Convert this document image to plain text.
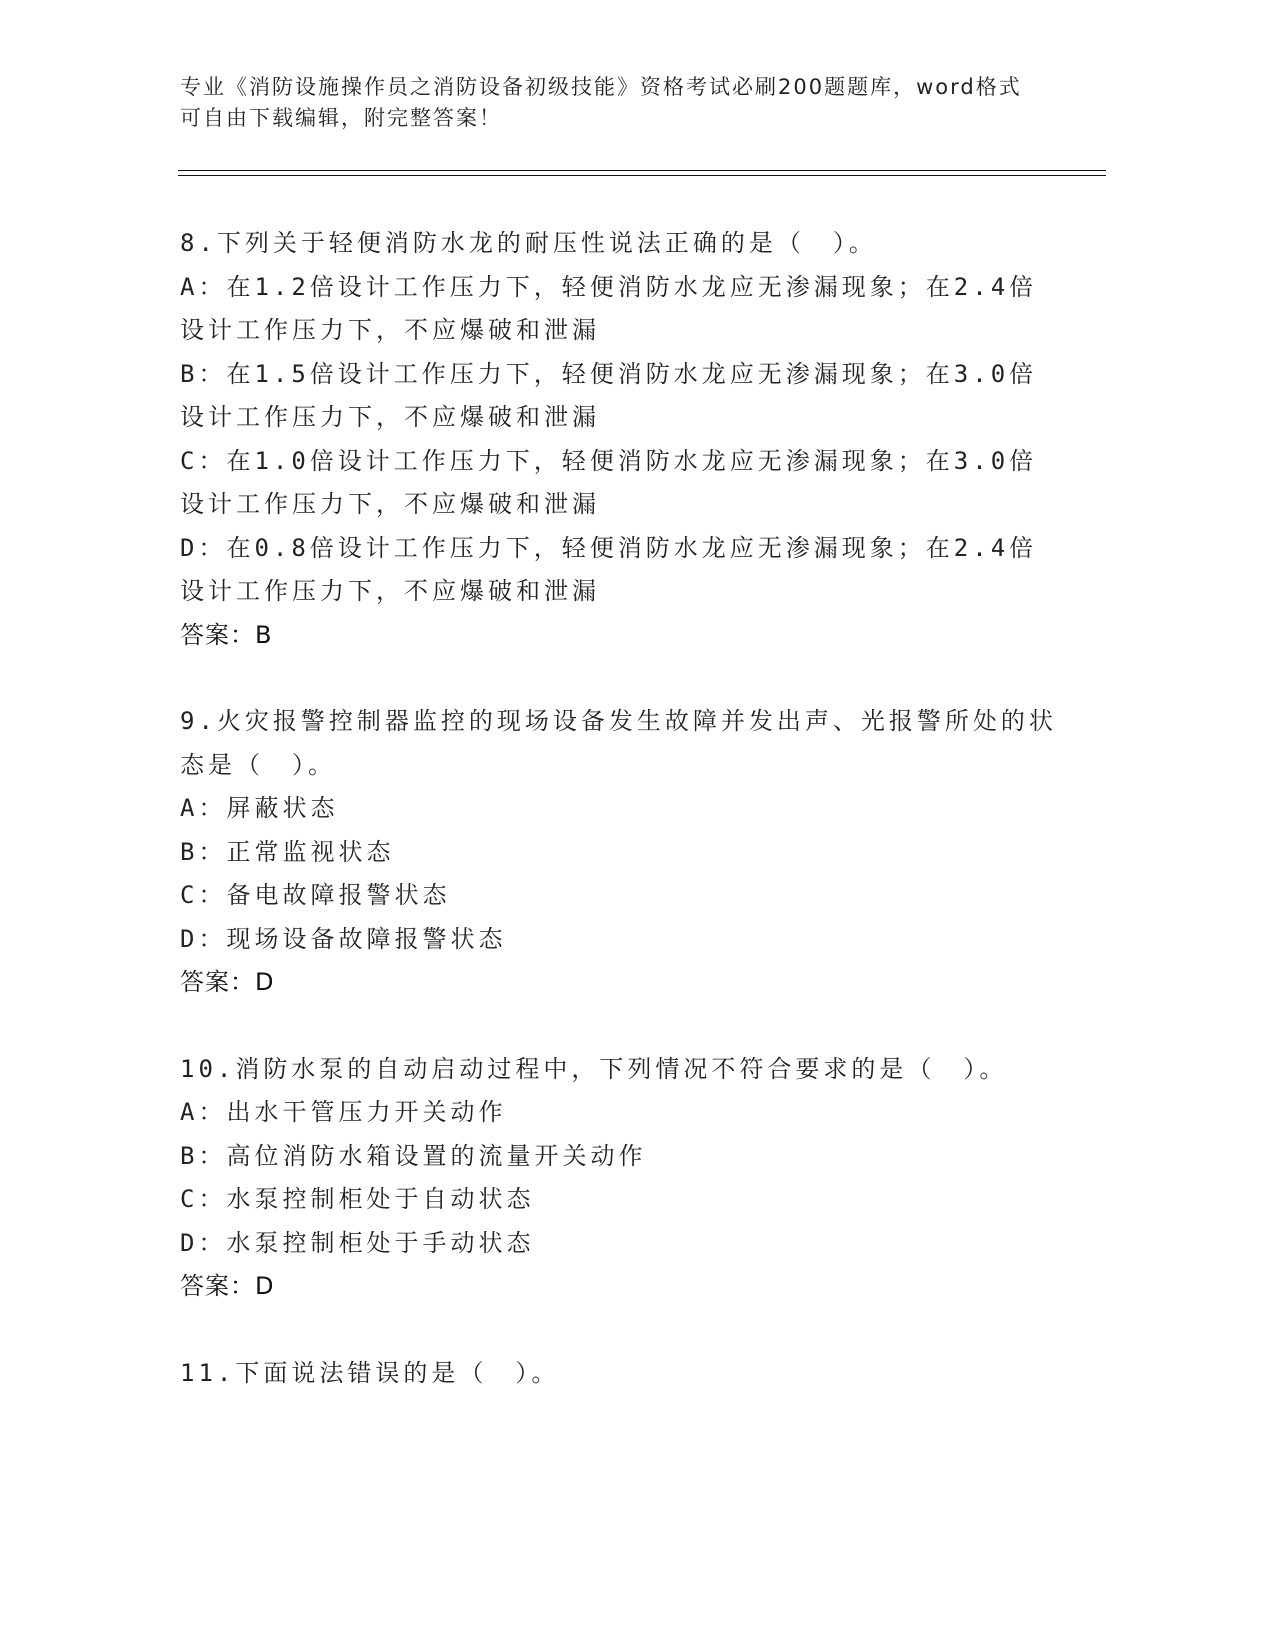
专业《消防设施操作员之消防设备初级技能》资格考试必刷200题题库，word格式可自由下载编辑，附完整答案！
8.下列关于轻便消防水龙的耐压性说法正确的是（　）。
A：在1.2倍设计工作压力下，轻便消防水龙应无渗漏现象；在2.4倍设计工作压力下，不应爆破和泄漏
B：在1.5倍设计工作压力下，轻便消防水龙应无渗漏现象；在3.0倍设计工作压力下，不应爆破和泄漏
C：在1.0倍设计工作压力下，轻便消防水龙应无渗漏现象；在3.0倍设计工作压力下，不应爆破和泄漏
D：在0.8倍设计工作压力下，轻便消防水龙应无渗漏现象；在2.4倍设计工作压力下，不应爆破和泄漏
答案：B
9.火灾报警控制器监控的现场设备发生故障并发出声、光报警所处的状态是（　）。
A：屏蔽状态
B：正常监视状态
C：备电故障报警状态
D：现场设备故障报警状态
答案：D
10.消防水泵的自动启动过程中，下列情况不符合要求的是（　）。
A：出水干管压力开关动作
B：高位消防水箱设置的流量开关动作
C：水泵控制柜处于自动状态
D：水泵控制柜处于手动状态
答案：D
11.下面说法错误的是（　）。
